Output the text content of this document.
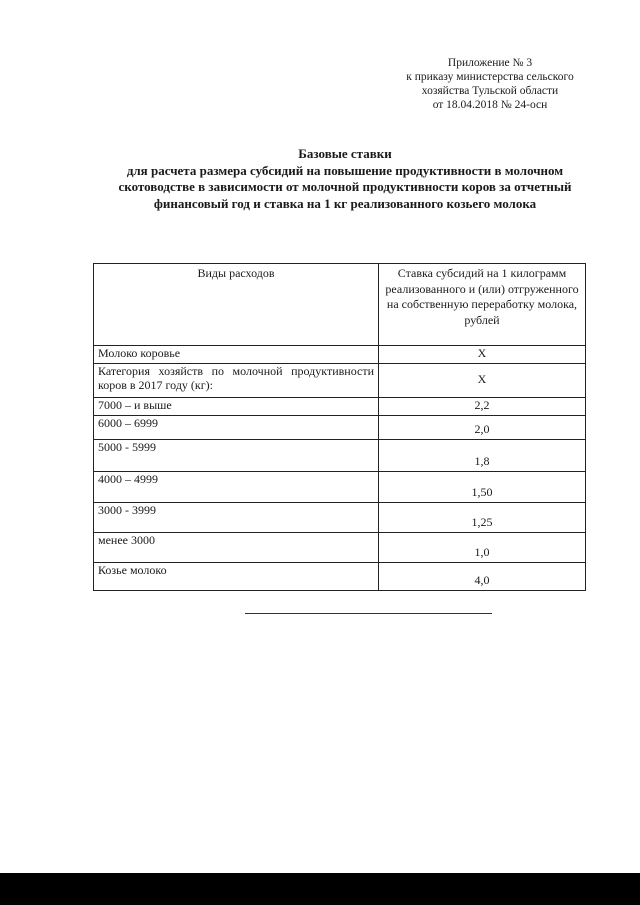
Приложение № 3
к приказу министерства сельского
хозяйства Тульской области
от 18.04.2018 № 24-осн
Базовые ставки
для расчета размера субсидий на повышение продуктивности в молочном скотоводстве в зависимости от молочной продуктивности коров за отчетный финансовый год и ставка на 1 кг реализованного козьего молока
Виды расходов	Ставка субсидий на 1 килограмм реализованного и (или) отгруженного на собственную переработку молока, рублей
Молоко коровье	Х
Категория хозяйств по молочной продуктивности коров в 2017 году (кг):	Х
7000 – и выше	2,2
6000 – 6999	2,0
5000 - 5999	1,8
4000 – 4999	1,50
3000 - 3999	1,25
менее 3000	1,0
Козье молоко	4,0
